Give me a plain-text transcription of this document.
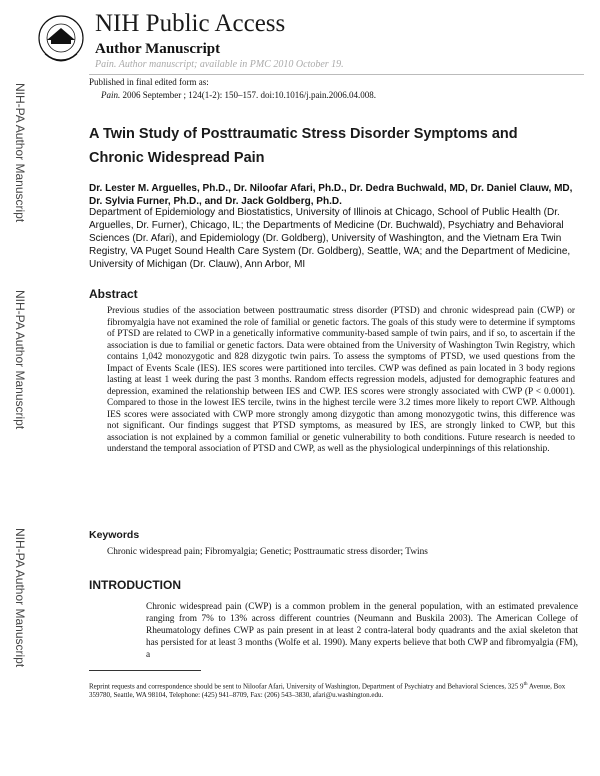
NIH Public Access
Author Manuscript
Pain. Author manuscript; available in PMC 2010 October 19.
Published in final edited form as:
Pain. 2006 September ; 124(1-2): 150–157. doi:10.1016/j.pain.2006.04.008.
NIH-PA Author Manuscript
NIH-PA Author Manuscript
NIH-PA Author Manuscript
A Twin Study of Posttraumatic Stress Disorder Symptoms and Chronic Widespread Pain
Dr. Lester M. Arguelles, Ph.D., Dr. Niloofar Afari, Ph.D., Dr. Dedra Buchwald, MD, Dr. Daniel Clauw, MD, Dr. Sylvia Furner, Ph.D., and Dr. Jack Goldberg, Ph.D.
Department of Epidemiology and Biostatistics, University of Illinois at Chicago, School of Public Health (Dr. Arguelles, Dr. Furner), Chicago, IL; the Departments of Medicine (Dr. Buchwald), Psychiatry and Behavioral Sciences (Dr. Afari), and Epidemiology (Dr. Goldberg), University of Washington, and the Vietnam Era Twin Registry, VA Puget Sound Health Care System (Dr. Goldberg), Seattle, WA; and the Department of Medicine, University of Michigan (Dr. Clauw), Ann Arbor, MI
Abstract
Previous studies of the association between posttraumatic stress disorder (PTSD) and chronic widespread pain (CWP) or fibromyalgia have not examined the role of familial or genetic factors. The goals of this study were to determine if symptoms of PTSD are related to CWP in a genetically informative community-based sample of twin pairs, and if so, to ascertain if the association is due to familial or genetic factors. Data were obtained from the University of Washington Twin Registry, which contains 1,042 monozygotic and 828 dizygotic twin pairs. To assess the symptoms of PTSD, we used questions from the Impact of Events Scale (IES). IES scores were partitioned into terciles. CWP was defined as pain located in 3 body regions lasting at least 1 week during the past 3 months. Random effects regression models, adjusted for demographic features and depression, examined the relationship between IES and CWP. IES scores were strongly associated with CWP (P < 0.0001). Compared to those in the lowest IES tercile, twins in the highest tercile were 3.2 times more likely to report CWP. Although IES scores were associated with CWP more strongly among dizygotic than among monozygotic twins, this difference was not significant. Our findings suggest that PTSD symptoms, as measured by IES, are strongly linked to CWP, but this association is not explained by a common familial or genetic vulnerability to both conditions. Future research is needed to understand the temporal association of PTSD and CWP, as well as the physiological underpinnings of this relationship.
Keywords
Chronic widespread pain; Fibromyalgia; Genetic; Posttraumatic stress disorder; Twins
INTRODUCTION
Chronic widespread pain (CWP) is a common problem in the general population, with an estimated prevalence ranging from 7% to 13% across different countries (Neumann and Buskila 2003). The American College of Rheumatology defines CWP as pain present in at least 2 contra-lateral body quadrants and the axial skeleton that has persisted for at least 3 months (Wolfe et al. 1990). Many experts believe that both CWP and fibromyalgia (FM), a
Reprint requests and correspondence should be sent to Niloofar Afari, University of Washington, Department of Psychiatry and Behavioral Sciences, 325 9th Avenue, Box 359780, Seattle, WA 98104, Telephone: (425) 941–8709, Fax: (206) 543–3830, afari@u.washington.edu.
